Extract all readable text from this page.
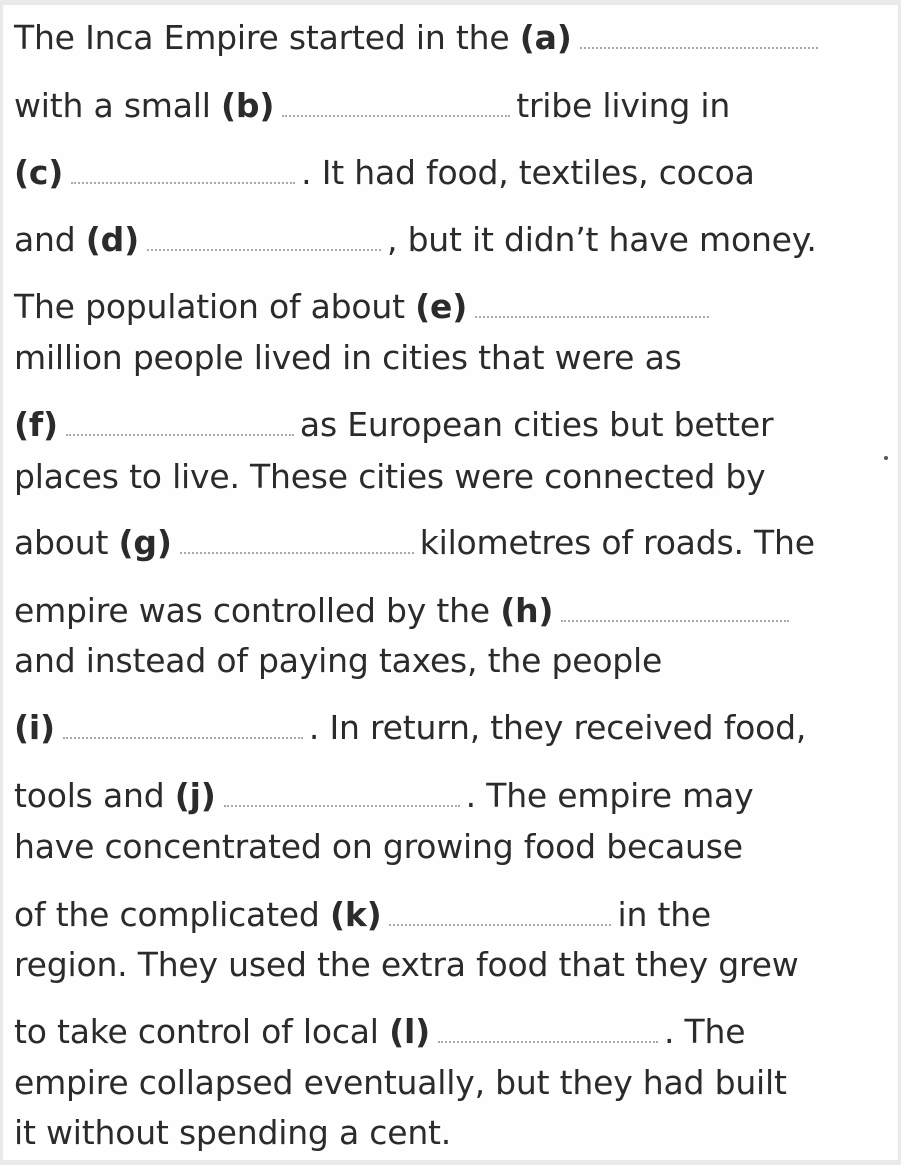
The Inca Empire started in the (a)
with a small (b)	tribe living in
(c)	. It had food, textiles, cocoa
and (d)	, but it didn’t have money.
The population of about (e)
million people lived in cities that were as
(f)	as European cities but better
places to live. These cities were connected by
about (g)	kilometres of roads. The
empire was controlled by the (h)
and instead of paying taxes, the people
(i)	. In return, they received food,
tools and (j)	. The empire may
have concentrated on growing food because
of the complicated (k)	in the
region. They used the extra food that they grew
to take control of local (l)	. The
empire collapsed eventually, but they had built
it without spending a cent.
